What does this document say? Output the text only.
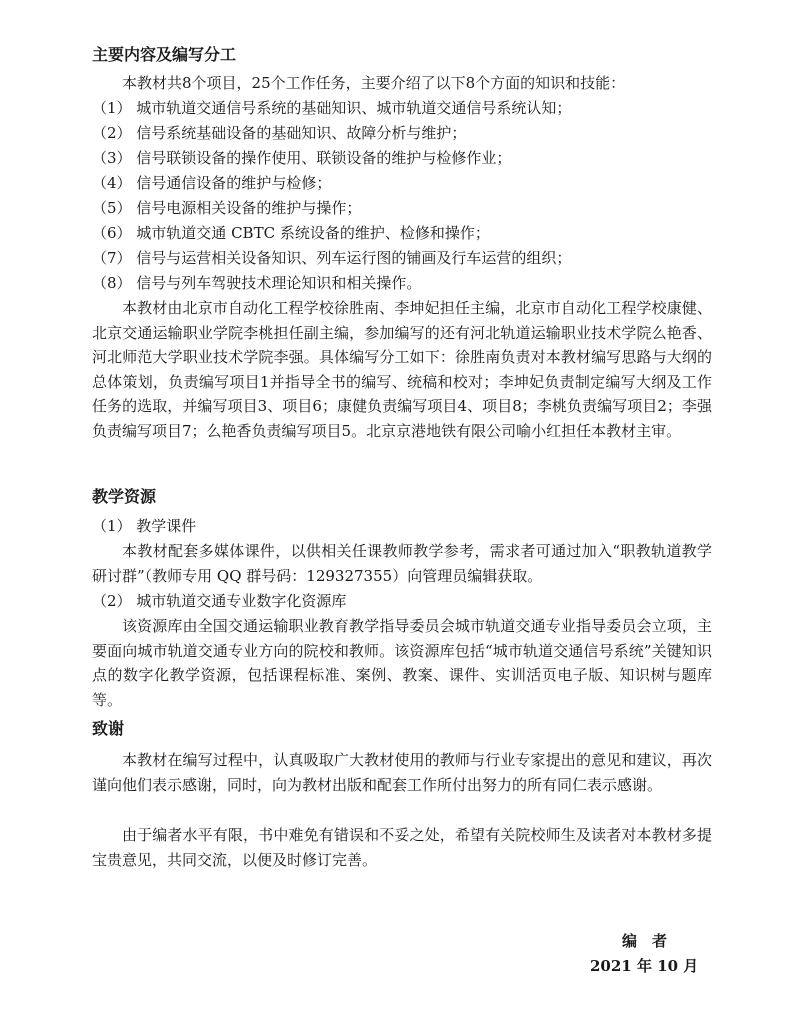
主要内容及编写分工
本教材共8个项目，25个工作任务，主要介绍了以下8个方面的知识和技能：
（1） 城市轨道交通信号系统的基础知识、城市轨道交通信号系统认知；
（2） 信号系统基础设备的基础知识、故障分析与维护；
（3） 信号联锁设备的操作使用、联锁设备的维护与检修作业；
（4） 信号通信设备的维护与检修；
（5） 信号电源相关设备的维护与操作；
（6） 城市轨道交通 CBTC 系统设备的维护、检修和操作；
（7） 信号与运营相关设备知识、列车运行图的铺画及行车运营的组织；
（8） 信号与列车驾驶技术理论知识和相关操作。
本教材由北京市自动化工程学校徐胜南、李坤妃担任主编，北京市自动化工程学校康健、北京交通运输职业学院李桃担任副主编，参加编写的还有河北轨道运输职业技术学院么艳香、河北师范大学职业技术学院李强。具体编写分工如下：徐胜南负责对本教材编写思路与大纲的总体策划，负责编写项目1并指导全书的编写、统稿和校对；李坤妃负责制定编写大纲及工作任务的选取，并编写项目3、项目6；康健负责编写项目4、项目8；李桃负责编写项目2；李强负责编写项目7；么艳香负责编写项目5。北京京港地铁有限公司喻小红担任本教材主审。
教学资源
（1） 教学课件
本教材配套多媒体课件，以供相关任课教师教学参考，需求者可通过加入“职教轨道教学研讨群”（教师专用 QQ 群号码：129327355）向管理员编辑获取。
（2） 城市轨道交通专业数字化资源库
该资源库由全国交通运输职业教育教学指导委员会城市轨道交通专业指导委员会立项，主要面向城市轨道交通专业方向的院校和教师。该资源库包括“城市轨道交通信号系统”关键知识点的数字化教学资源，包括课程标准、案例、教案、课件、实训活页电子版、知识树与题库等。
致谢
本教材在编写过程中，认真吸取广大教材使用的教师与行业专家提出的意见和建议，再次谨向他们表示感谢，同时，向为教材出版和配套工作所付出努力的所有同仁表示感谢。
由于编者水平有限，书中难免有错误和不妥之处，希望有关院校师生及读者对本教材多提宝贵意见，共同交流，以便及时修订完善。
编　者
2021 年 10 月
